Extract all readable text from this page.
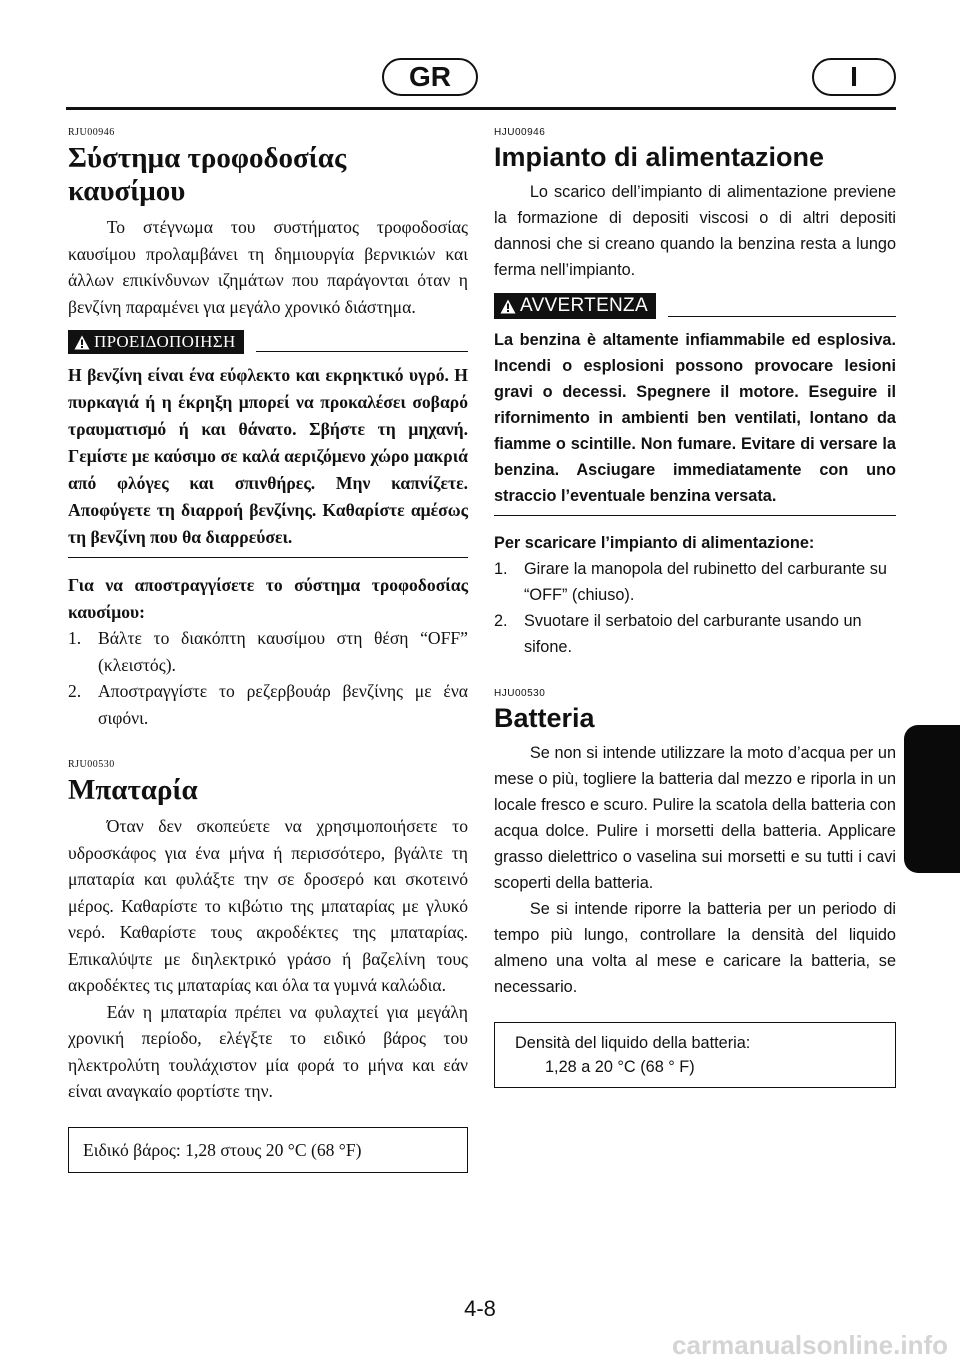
GR	I
RJU00946
Σύστημα τροφοδοσίας καυσίμου

Το στέγνωμα του συστήματος τροφοδοσίας καυσίμου προλαμβάνει τη δημιουργία βερνικιών και άλλων επικίνδυνων ιζημάτων που παράγονται όταν η βενζίνη παραμένει για μεγάλο χρονικό διάστημα.

ΠΡΟΕΙΔΟΠΟΙΗΣΗ

Η βενζίνη είναι ένα εύφλεκτο και εκρηκτικό υγρό. Η πυρκαγιά ή η έκρηξη μπορεί να προκαλέσει σοβαρό τραυματισμό ή και θάνατο. Σβήστε τη μηχανή. Γεμίστε με καύσιμο σε καλά αεριζόμενο χώρο μακριά από φλόγες και σπινθήρες. Μην καπνίζετε. Αποφύγετε τη διαρροή βενζίνης. Καθαρίστε αμέσως τη βενζίνη που θα διαρρεύσει.

Για να αποστραγγίσετε το σύστημα τροφοδοσίας καυσίμου:

1. Βάλτε το διακόπτη καυσίμου στη θέση “OFF” (κλειστός).
2. Αποστραγγίστε το ρεζερβουάρ βενζίνης με ένα σιφόνι.
RJU00530
Μπαταρία

Όταν δεν σκοπεύετε να χρησιμοποιήσετε το υδροσκάφος για ένα μήνα ή περισσότερο, βγάλτε τη μπαταρία και φυλάξτε την σε δροσερό και σκοτεινό μέρος. Καθαρίστε το κιβώτιο της μπαταρίας με γλυκό νερό. Καθαρίστε τους ακροδέκτες της μπαταρίας. Επικαλύψτε με διηλεκτρικό γράσο ή βαζελίνη τους ακροδέκτες τις μπαταρίας και όλα τα γυμνά καλώδια.

Εάν η μπαταρία πρέπει να φυλαχτεί για μεγάλη χρονική περίοδο, ελέγξτε το ειδικό βάρος του ηλεκτρολύτη τουλάχιστον μία φορά το μήνα και εάν είναι αναγκαίο φορτίστε την.

Ειδικό βάρος: 1,28 στους 20 °C (68 °F)
HJU00946
Impianto di alimentazione

Lo scarico dell’impianto di alimentazione previene la formazione di depositi viscosi o di altri depositi dannosi che si creano quando la benzina resta a lungo ferma nell’impianto.

AVVERTENZA

La benzina è altamente infiammabile ed esplosiva. Incendi o esplosioni possono provocare lesioni gravi o decessi. Spegnere il motore. Eseguire il rifornimento in ambienti ben ventilati, lontano da fiamme o scintille. Non fumare. Evitare di versare la benzina. Asciugare immediatamente con uno straccio l’eventuale benzina versata.

Per scaricare l’impianto di alimentazione:

1.	Girare la manopola del rubinetto del carburante su “OFF” (chiuso).
2.	Svuotare il serbatoio del carburante usando un sifone.
HJU00530
Batteria

Se non si intende utilizzare la moto d’acqua per un mese o più, togliere la batteria dal mezzo e riporla in un locale fresco e scuro. Pulire la scatola della batteria con acqua dolce. Pulire i morsetti della batteria. Applicare grasso dielettrico o vaselina sui morsetti e su tutti i cavi scoperti della batteria.

Se si intende riporre la batteria per un periodo di tempo più lungo, controllare la densità del liquido almeno una volta al mese e caricare la batteria, se necessario.

Densità del liquido della batteria:
1,28 a 20 °C (68 ° F)
4-8
carmanualsonline.info
